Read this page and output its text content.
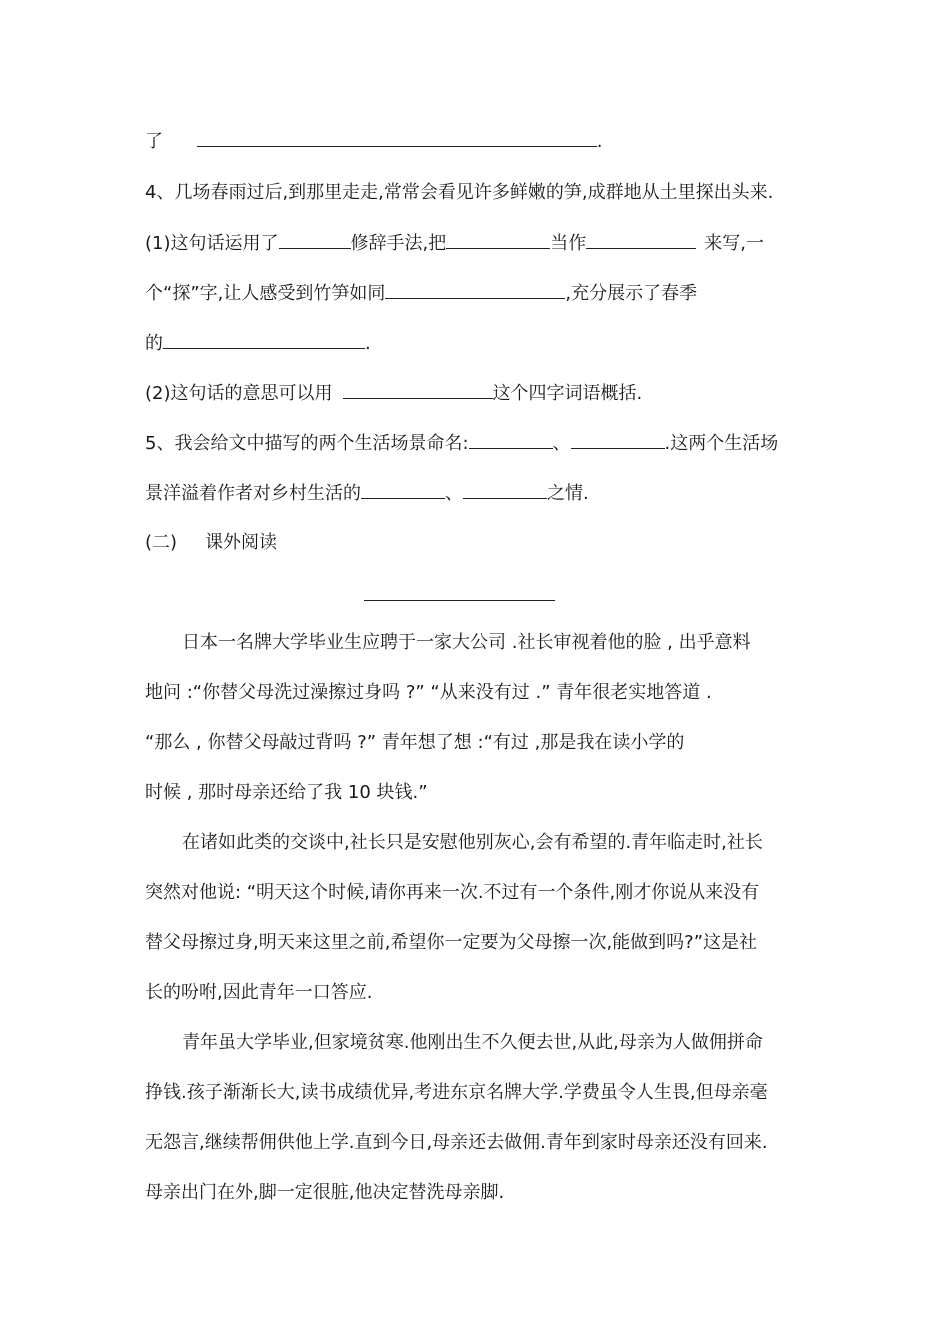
了	.
4、几场春雨过后,到那里走走,常常会看见许多鲜嫩的笋,成群地从土里探出头来.
(1)这句话运用了	修辞手法,把	当作	来写,一
个“探”字,让人感受到竹笋如同	,充分展示了春季
的	.
(2)这句话的意思可以用	这个四字词语概括.
5、我会给文中描写的两个生活场景命名:	、	.这两个生活场
景洋溢着作者对乡村生活的	、	之情.
(二) 课外阅读
日本一名牌大学毕业生应聘于一家大公司 .社长审视着他的脸 , 出乎意料
地问 :“你替父母洗过澡擦过身吗 ?” “从来没有过 .” 青年很老实地答道 .
“那么 , 你替父母敲过背吗 ?” 青年想了想 :“有过 ,那是我在读小学的
时候 , 那时母亲还给了我 10 块钱.”
在诸如此类的交谈中,社长只是安慰他别灰心,会有希望的.青年临走时,社长
突然对他说: “明天这个时候,请你再来一次.不过有一个条件,刚才你说从来没有
替父母擦过身,明天来这里之前,希望你一定要为父母擦一次,能做到吗?”这是社
长的吩咐,因此青年一口答应.
青年虽大学毕业,但家境贫寒.他刚出生不久便去世,从此,母亲为人做佣拼命
挣钱.孩子渐渐长大,读书成绩优异,考进东京名牌大学.学费虽令人生畏,但母亲毫
无怨言,继续帮佣供他上学.直到今日,母亲还去做佣.青年到家时母亲还没有回来.
母亲出门在外,脚一定很脏,他决定替洗母亲脚.
